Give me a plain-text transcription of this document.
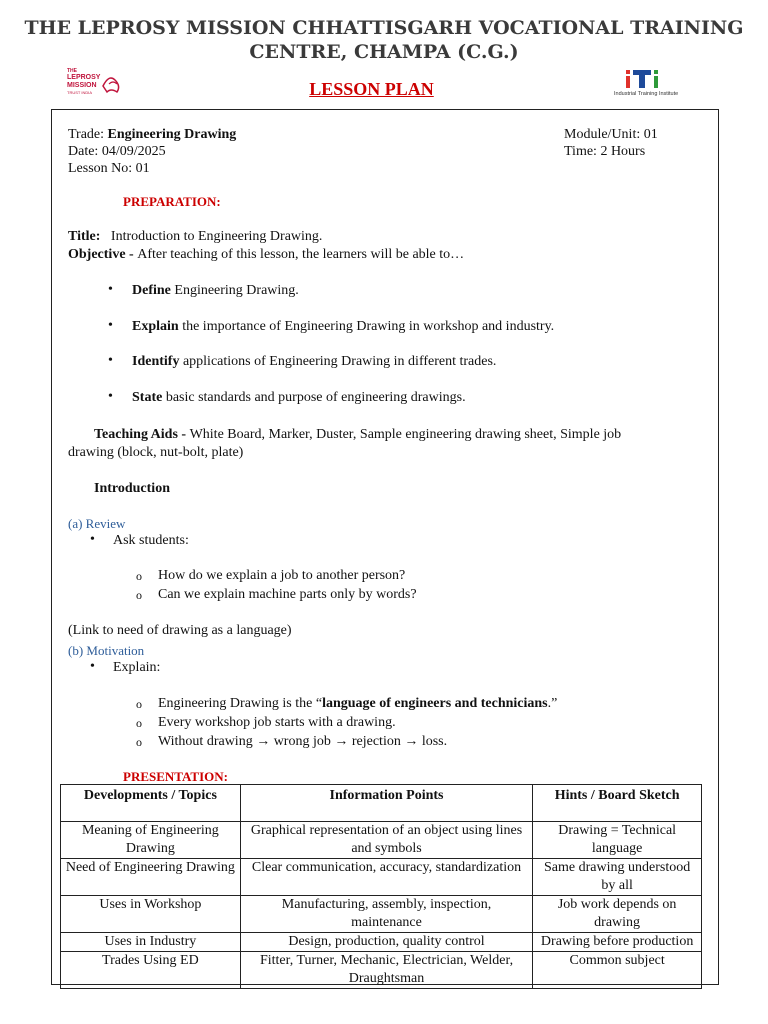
THE LEPROSY MISSION CHHATTISGARH VOCATIONAL TRAINING
CENTRE, CHAMPA (C.G.)
THE
LEPROSY
MISSION
TRUST INDIA	LESSON PLAN	Industrial Training Institute
Trade: Engineering Drawing
Date: 04/09/2025
Lesson No: 01
Module/Unit: 01
Time: 2 Hours
PREPARATION:
Title: Introduction to Engineering Drawing.
Objective - After teaching of this lesson, the learners will be able to…
• Define Engineering Drawing.
• Explain the importance of Engineering Drawing in workshop and industry.
• Identify applications of Engineering Drawing in different trades.
• State basic standards and purpose of engineering drawings.
Teaching Aids - White Board, Marker, Duster, Sample engineering drawing sheet, Simple job
drawing (block, nut-bolt, plate)
Introduction
(a) Review
• Ask students:
o How do we explain a job to another person?
o Can we explain machine parts only by words?
(Link to need of drawing as a language)
(b) Motivation
• Explain:
o Engineering Drawing is the “language of engineers and technicians.”
o Every workshop job starts with a drawing.
o Without drawing → wrong job → rejection → loss.
PRESENTATION:
Developments / Topics	Information Points	Hints / Board Sketch
Meaning of Engineering Drawing	Graphical representation of an object using lines and symbols	Drawing = Technical language
Need of Engineering Drawing	Clear communication, accuracy, standardization	Same drawing understood by all
Uses in Workshop	Manufacturing, assembly, inspection, maintenance	Job work depends on drawing
Uses in Industry	Design, production, quality control	Drawing before production
Trades Using ED	Fitter, Turner, Mechanic, Electrician, Welder, Draughtsman	Common subject
